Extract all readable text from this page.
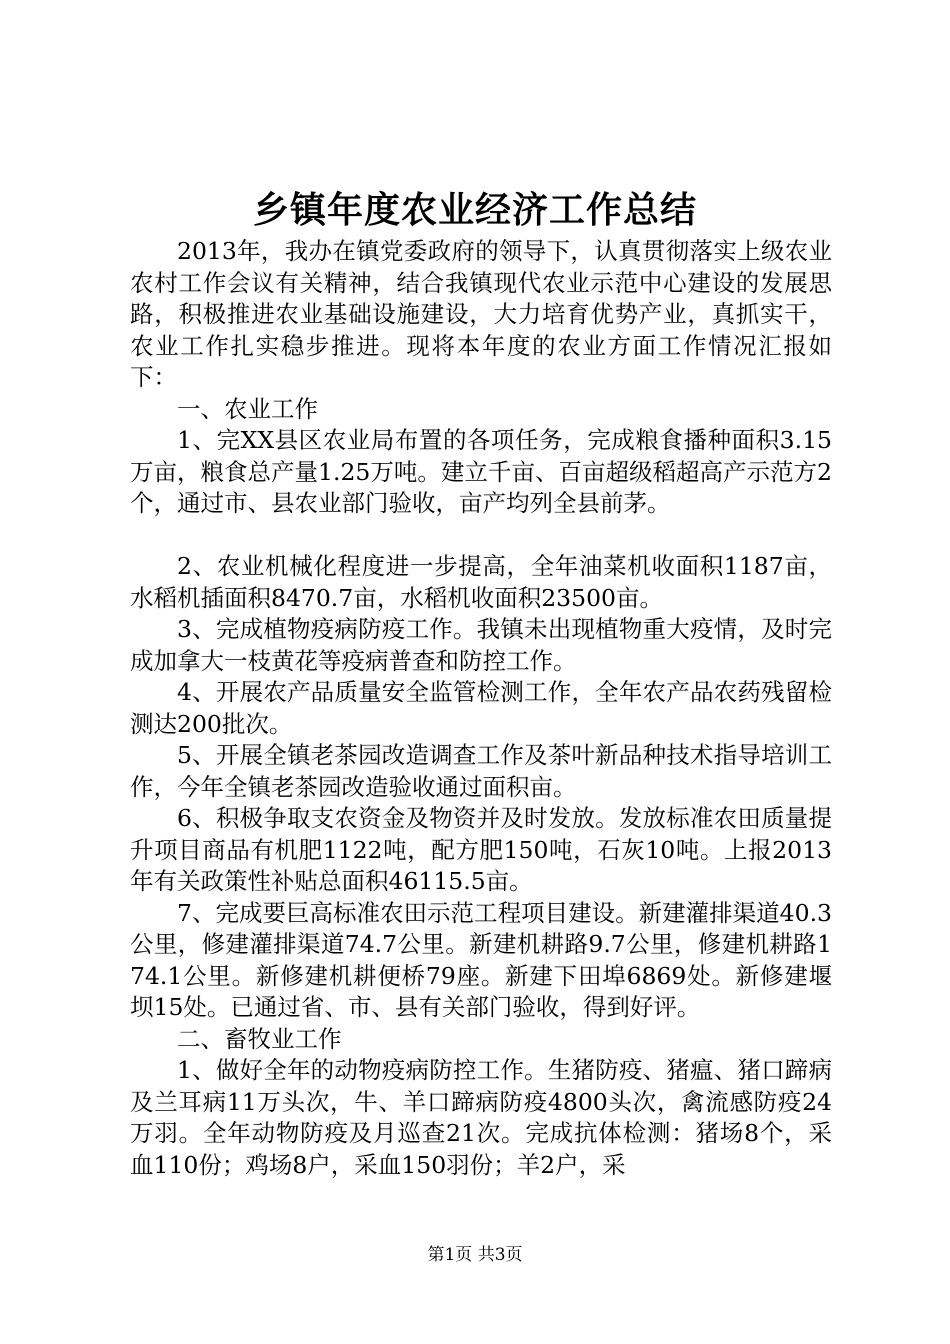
乡镇年度农业经济工作总结

2013年，我办在镇党委政府的领导下，认真贯彻落实上级农业农村工作会议有关精神，结合我镇现代农业示范中心建设的发展思路，积极推进农业基础设施建设，大力培育优势产业，真抓实干，农业工作扎实稳步推进。现将本年度的农业方面工作情况汇报如下：

一、农业工作

1、完XX县区农业局布置的各项任务，完成粮食播种面积3.15万亩，粮食总产量1.25万吨。建立千亩、百亩超级稻超高产示范方2个，通过市、县农业部门验收，亩产均列全县前茅。

2、农业机械化程度进一步提高，全年油菜机收面积1187亩，水稻机插面积8470.7亩，水稻机收面积23500亩。

3、完成植物疫病防疫工作。我镇未出现植物重大疫情，及时完成加拿大一枝黄花等疫病普查和防控工作。

4、开展农产品质量安全监管检测工作，全年农产品农药残留检测达200批次。

5、开展全镇老茶园改造调查工作及茶叶新品种技术指导培训工作，今年全镇老茶园改造验收通过面积亩。

6、积极争取支农资金及物资并及时发放。发放标准农田质量提升项目商品有机肥1122吨，配方肥150吨，石灰10吨。上报2013年有关政策性补贴总面积46115.5亩。

7、完成要巨高标准农田示范工程项目建设。新建灌排渠道40.3公里，修建灌排渠道74.7公里。新建机耕路9.7公里，修建机耕路174.1公里。新修建机耕便桥79座。新建下田埠6869处。新修建堰坝15处。已通过省、市、县有关部门验收，得到好评。

二、畜牧业工作

1、做好全年的动物疫病防控工作。生猪防疫、猪瘟、猪口蹄病及兰耳病11万头次，牛、羊口蹄病防疫4800头次，禽流感防疫24万羽。全年动物防疫及月巡查21次。完成抗体检测：猪场8个，采血110份；鸡场8户，采血150羽份；羊2户，采

第1页 共3页
